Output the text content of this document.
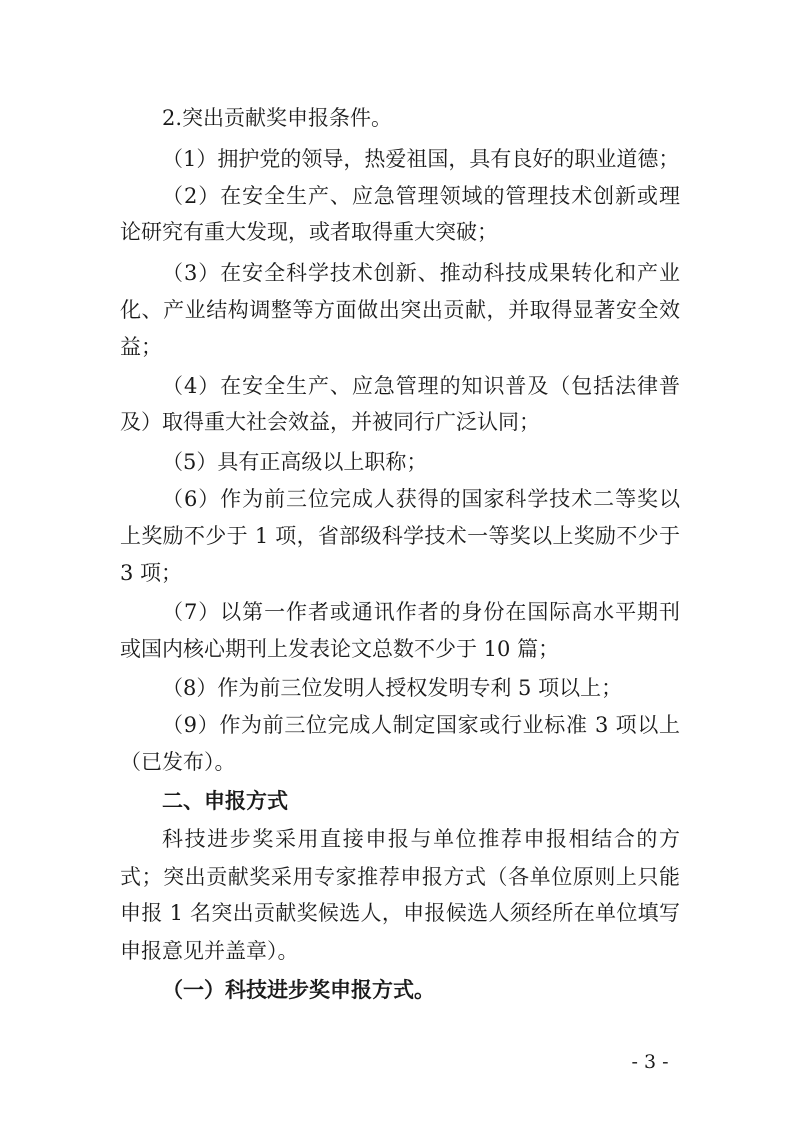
2.突出贡献奖申报条件。
（1）拥护党的领导，热爱祖国，具有良好的职业道德；
（2）在安全生产、应急管理领域的管理技术创新或理
论研究有重大发现，或者取得重大突破；
（3）在安全科学技术创新、推动科技成果转化和产业
化、产业结构调整等方面做出突出贡献，并取得显著安全效
益；
（4）在安全生产、应急管理的知识普及（包括法律普
及）取得重大社会效益，并被同行广泛认同；
（5）具有正高级以上职称；
（6）作为前三位完成人获得的国家科学技术二等奖以
上奖励不少于 1 项，省部级科学技术一等奖以上奖励不少于
3 项；
（7）以第一作者或通讯作者的身份在国际高水平期刊
或国内核心期刊上发表论文总数不少于 10 篇；
（8）作为前三位发明人授权发明专利 5 项以上；
（9）作为前三位完成人制定国家或行业标准 3 项以上
（已发布）。
二、申报方式
科技进步奖采用直接申报与单位推荐申报相结合的方
式；突出贡献奖采用专家推荐申报方式（各单位原则上只能
申报 1 名突出贡献奖候选人，申报候选人须经所在单位填写
申报意见并盖章）。
（一）科技进步奖申报方式。
- 3 -
